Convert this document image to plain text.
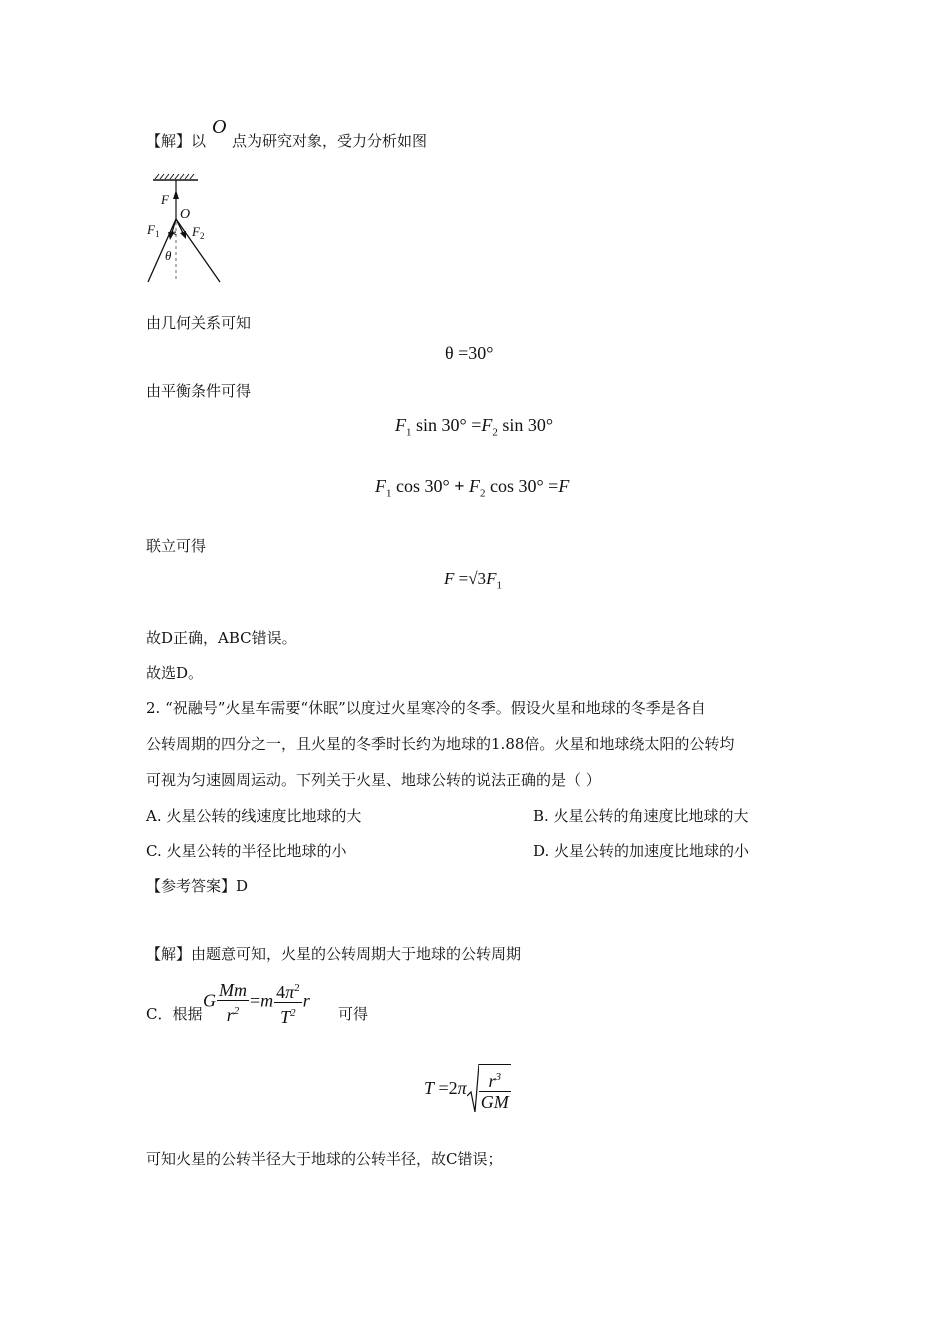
【解】以
O
点为研究对象，受力分析如图
F
O
F 1	F 2
θ
由几何关系可知
θ =30°
由平衡条件可得
$F_1$ $\sin 30^\circ =F_2$ sin 30°
$F_1$ $\cos 30^\circ + F_2$ cos 30° =F
联立可得
$F =√3F_1$
故D正确，ABC错误。
故选D。
2. “祝融号”火星车需要“休眠”以度过火星寒冷的冬季。假设火星和地球的冬季是各自
公转周期的四分之一，且火星的冬季时长约为地球的1.88倍。火星和地球绕太阳的公转均
可视为匀速圆周运动。下列关于火星、地球公转的说法正确的是（ ）
A. 火星公转的线速度比地球的大	B. 火星公转的角速度比地球的大
C. 火星公转的半径比地球的小	D. 火星公转的加速度比地球的小
【参考答案】D
【解】由题意可知，火星的公转周期大于地球的公转周期
C．根据
G $\frac{Mm}{r^2} =m \frac{4\pi^2}{T^2}$ r
可得
$T =2\pi \frac{r^3}{GM}$
可知火星的公转半径大于地球的公转半径，故C错误；
